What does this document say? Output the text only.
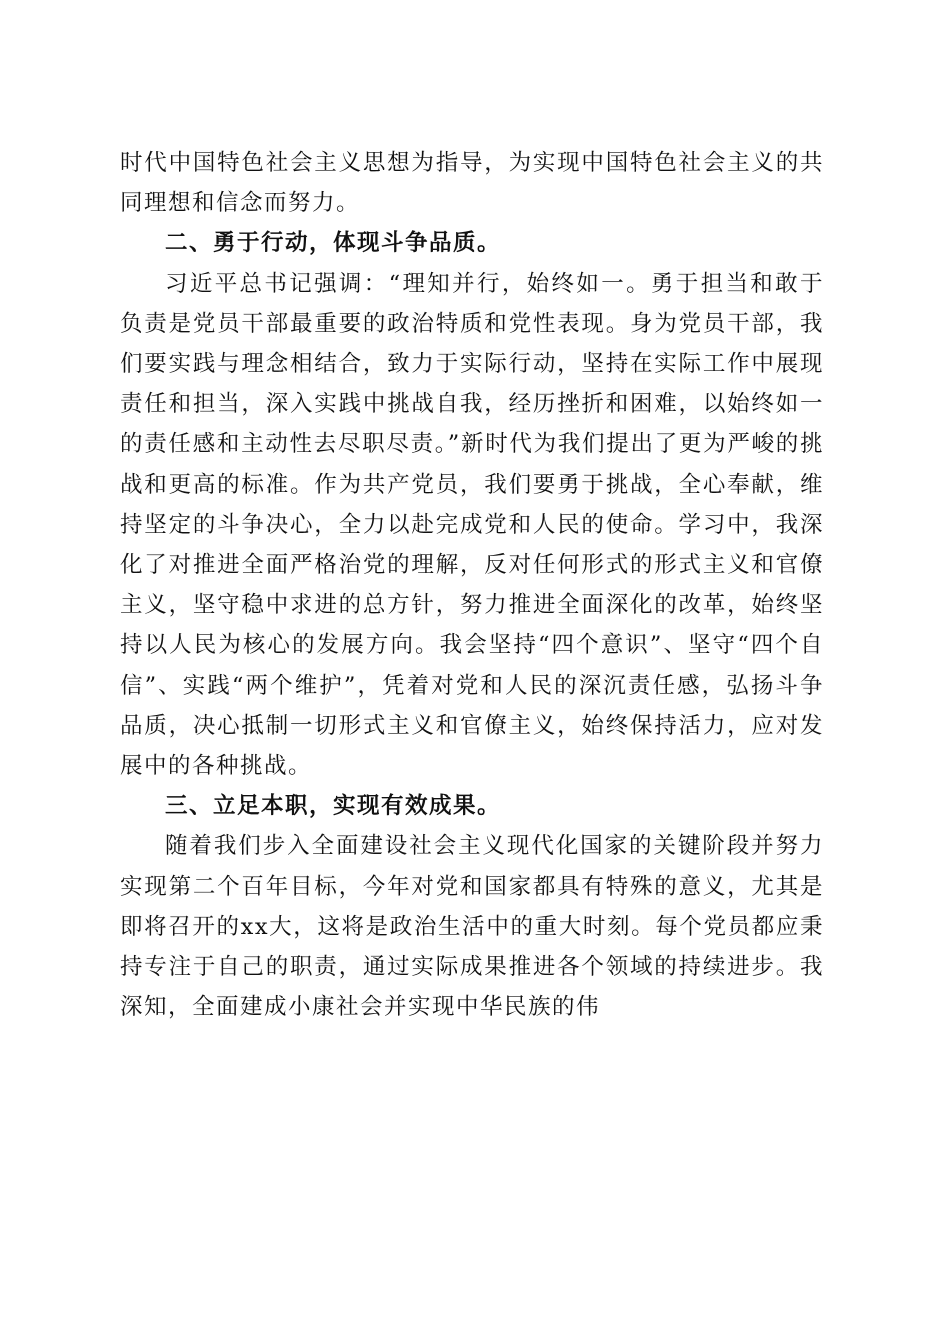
时代中国特色社会主义思想为指导，为实现中国特色社会主义的共同理想和信念而努力。

二、勇于行动，体现斗争品质。

习近平总书记强调：“理知并行，始终如一。勇于担当和敢于负责是党员干部最重要的政治特质和党性表现。身为党员干部，我们要实践与理念相结合，致力于实际行动，坚持在实际工作中展现责任和担当，深入实践中挑战自我，经历挫折和困难，以始终如一的责任感和主动性去尽职尽责。”新时代为我们提出了更为严峻的挑战和更高的标准。作为共产党员，我们要勇于挑战，全心奉献，维持坚定的斗争决心，全力以赴完成党和人民的使命。学习中，我深化了对推进全面严格治党的理解，反对任何形式的形式主义和官僚主义，坚守稳中求进的总方针，努力推进全面深化的改革，始终坚持以人民为核心的发展方向。我会坚持“四个意识”、坚守“四个自信”、实践“两个维护”，凭着对党和人民的深沉责任感，弘扬斗争品质，决心抵制一切形式主义和官僚主义，始终保持活力，应对发展中的各种挑战。

三、立足本职，实现有效成果。

随着我们步入全面建设社会主义现代化国家的关键阶段并努力实现第二个百年目标，今年对党和国家都具有特殊的意义，尤其是即将召开的xx大，这将是政治生活中的重大时刻。每个党员都应秉持专注于自己的职责，通过实际成果推进各个领域的持续进步。我深知，全面建成小康社会并实现中华民族的伟
